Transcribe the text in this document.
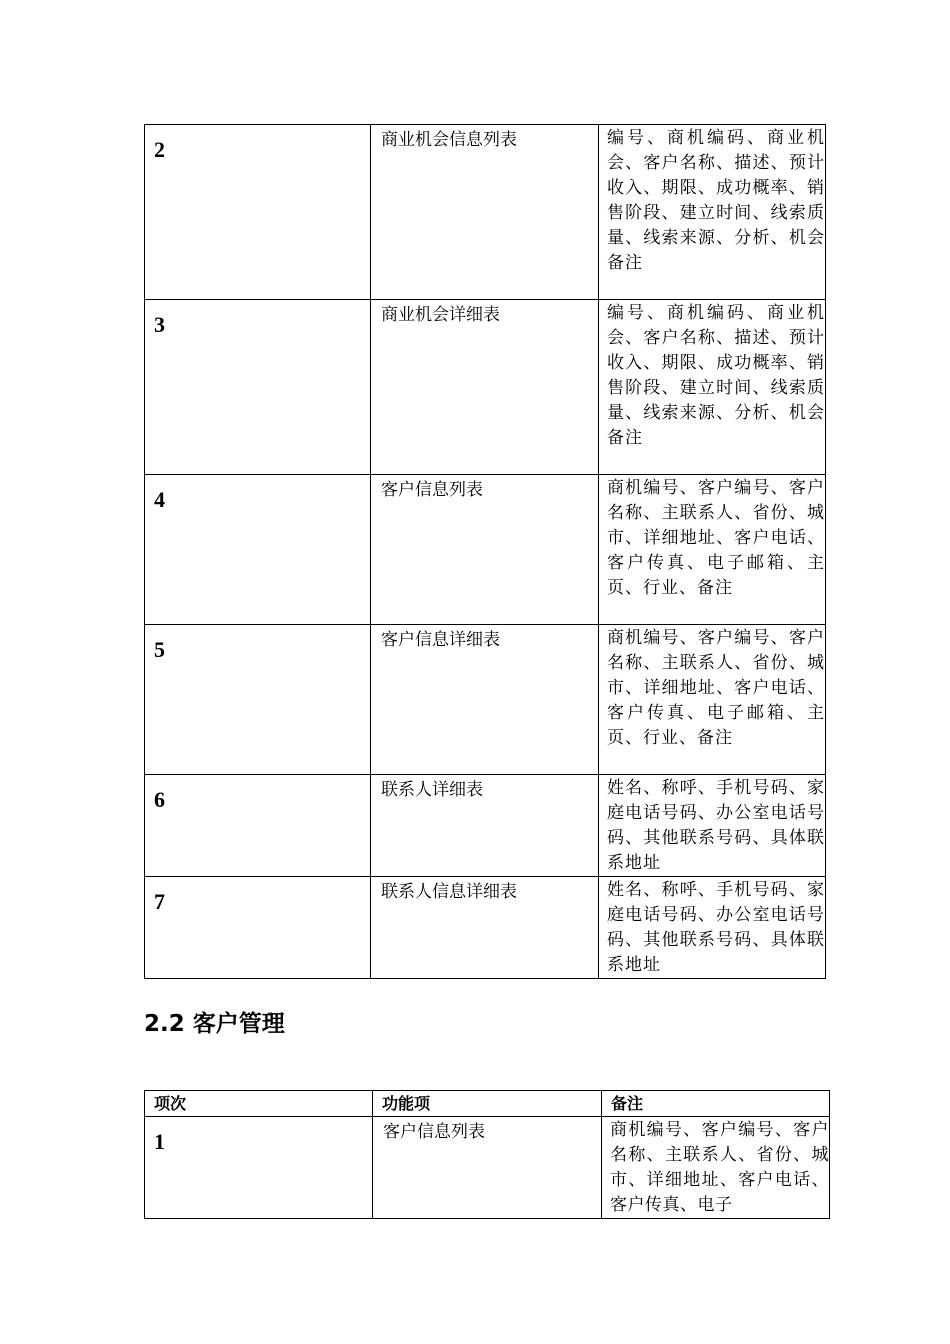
2	商业机会信息列表	编号、商机编码、商业机会、客户名称、描述、预计收入、期限、成功概率、销售阶段、建立时间、线索质量、线索来源、分析、机会备注
3	商业机会详细表	编号、商机编码、商业机会、客户名称、描述、预计收入、期限、成功概率、销售阶段、建立时间、线索质量、线索来源、分析、机会备注
4	客户信息列表	商机编号、客户编号、客户名称、主联系人、省份、城市、详细地址、客户电话、客户传真、电子邮箱、主页、行业、备注
5	客户信息详细表	商机编号、客户编号、客户名称、主联系人、省份、城市、详细地址、客户电话、客户传真、电子邮箱、主页、行业、备注
6	联系人详细表	姓名、称呼、手机号码、家庭电话号码、办公室电话号码、其他联系号码、具体联系地址
7	联系人信息详细表	姓名、称呼、手机号码、家庭电话号码、办公室电话号码、其他联系号码、具体联系地址
2.2 客户管理
项次	功能项	备注
1	客户信息列表	商机编号、客户编号、客户名称、主联系人、省份、城市、详细地址、客户电话、客户传真、电子
